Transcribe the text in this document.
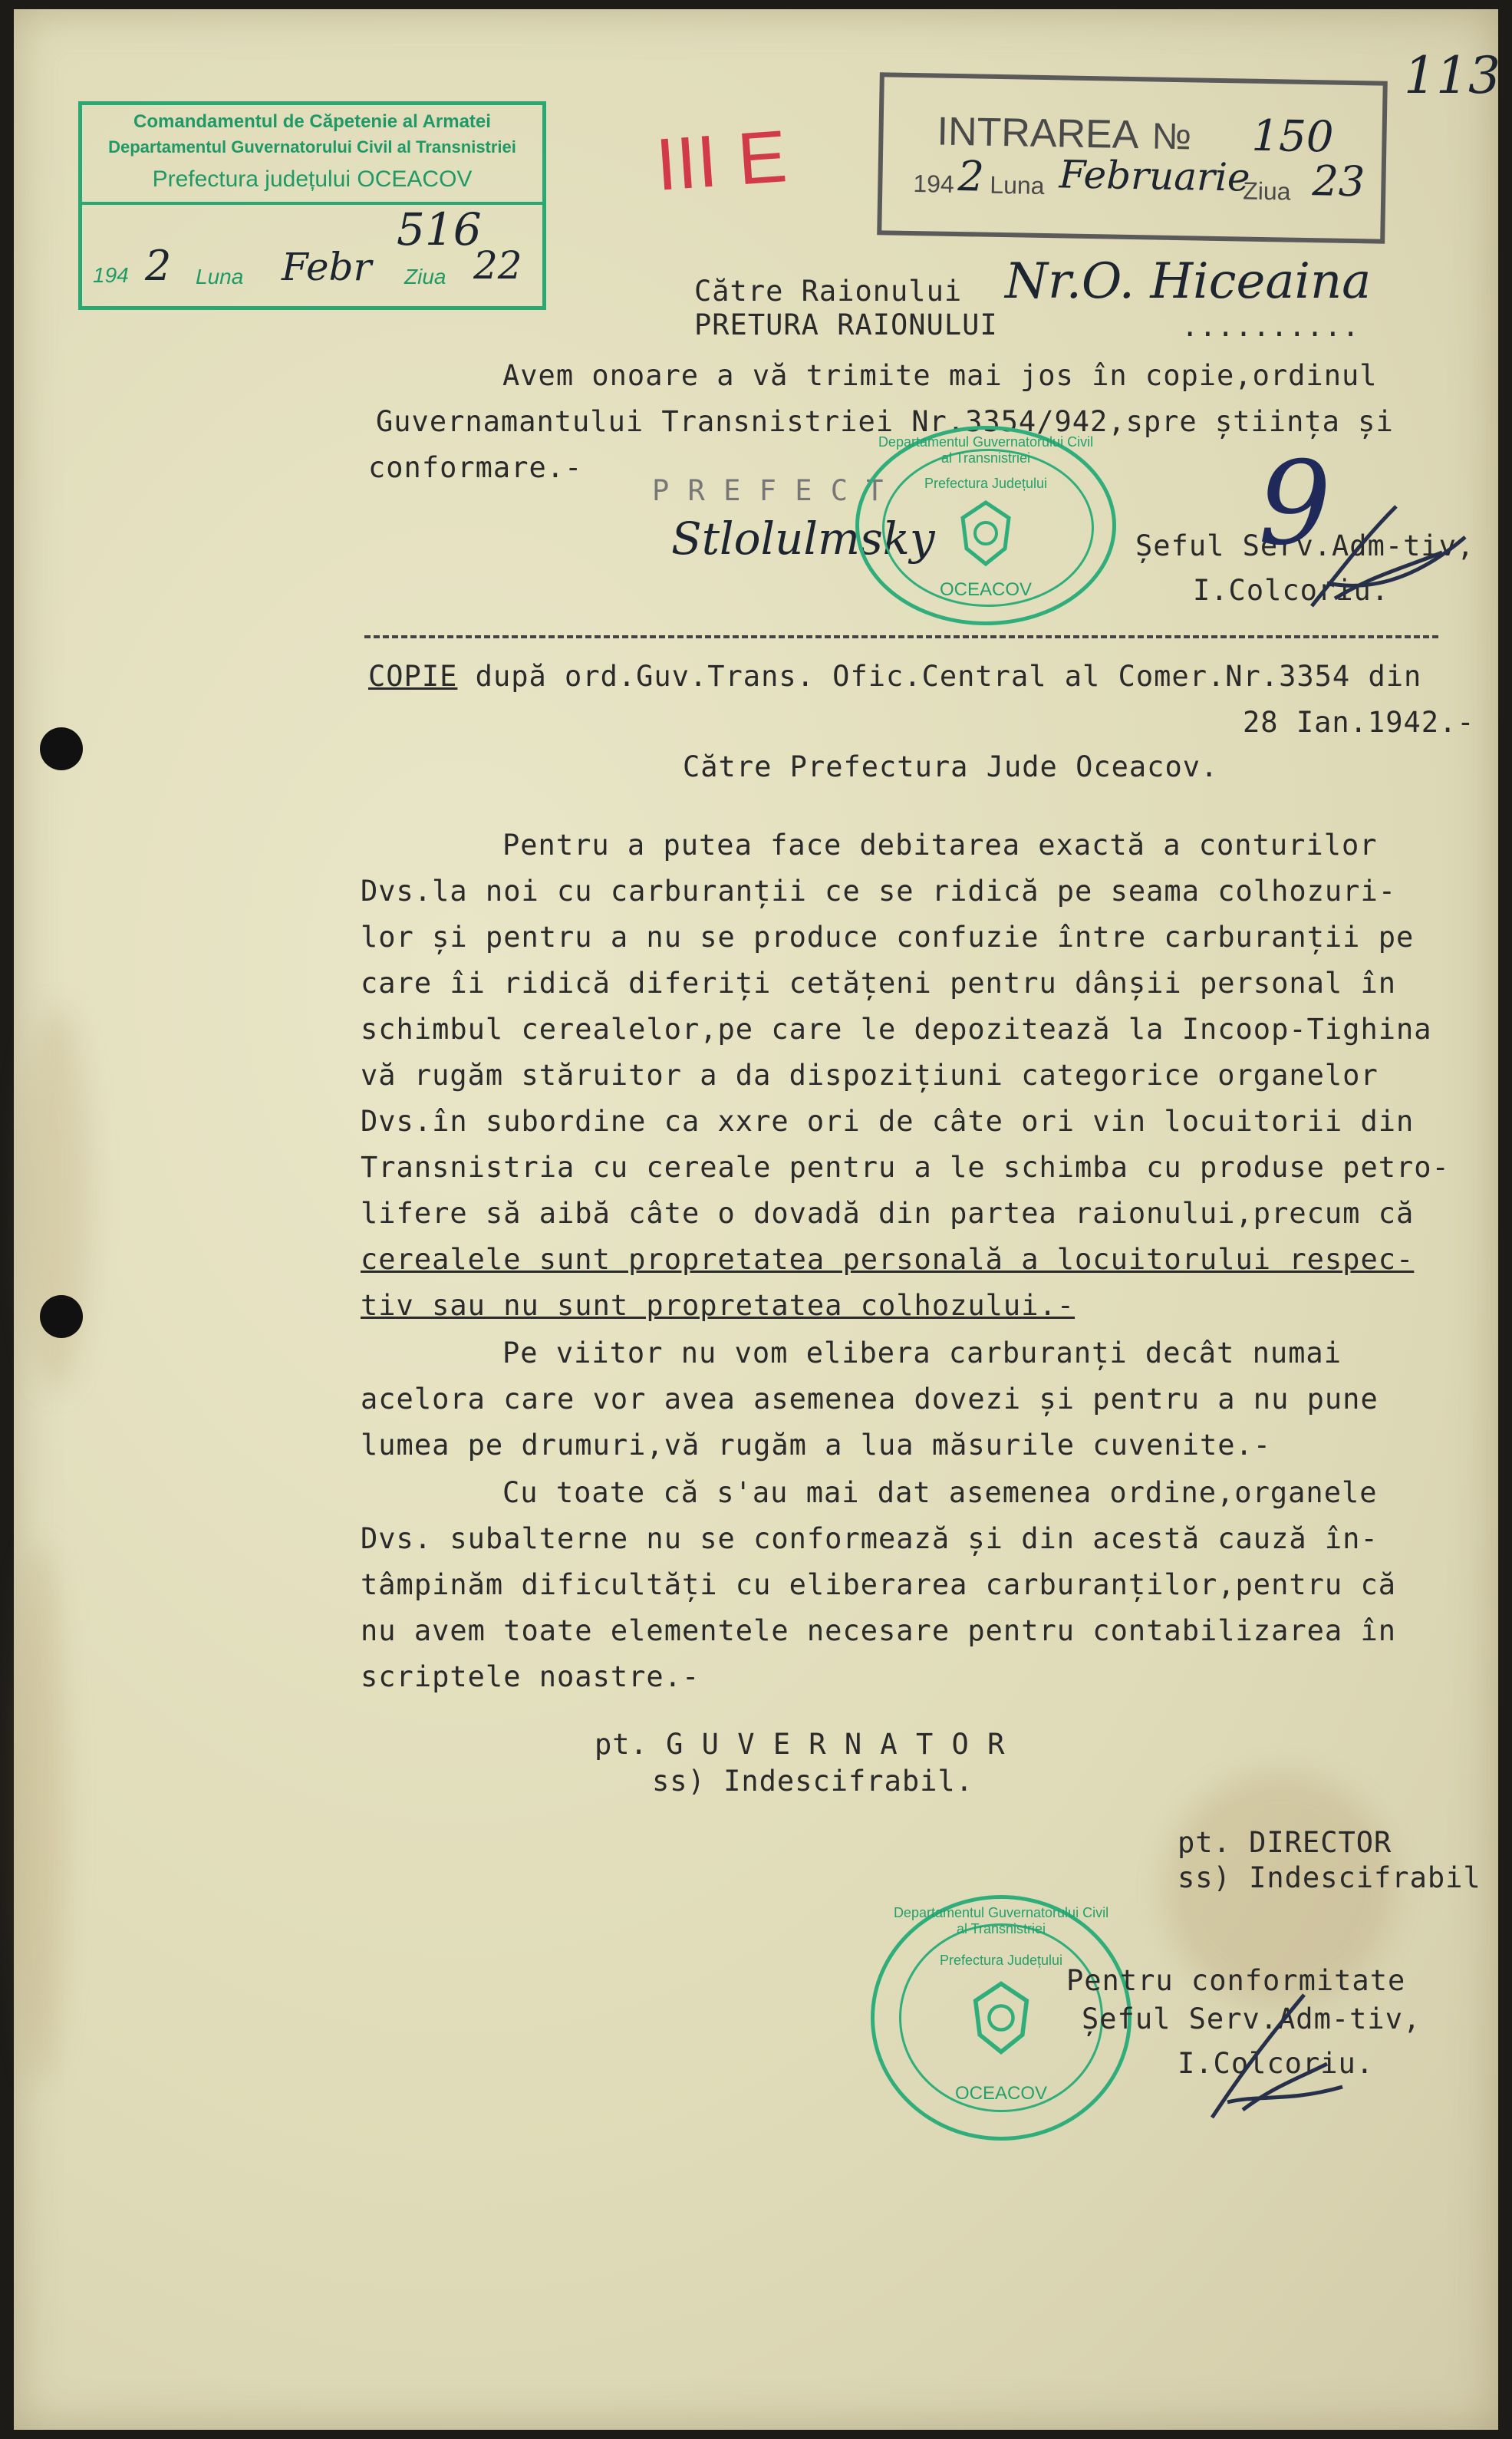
113
Comandamentul de Căpetenie al Armatei
Departamentul Guvernatorului Civil al Transnistriei
Prefectura județului OCEACOV
516
194 2 Luna Febr Ziua 22
III E	INTRAREA № 150
194 2 Luna Februarie
Ziua 23
Către Raionului Nr.O. Hiceaina
PRETURA RAIONULUI	..........
Avem onoare a vă trimite mai jos în copie,ordinul
Guvernamantului Transnistriei Nr.3354/942,spre știința și
conformare.-
P R E F E C T
Stlolulmsky	Șeful Serv.Adm-tiv,
I.Colcoriu.
9
Departamentul Guvernatorului Civil al Transnistriei
Prefectura Județului
OCEACOV
COPIE după ord.Guv.Trans. Ofic.Central al Comer.Nr.3354 din
28 Ian.1942.-
Către Prefectura Jude Oceacov.
Pentru a putea face debitarea exactă a conturilor
Dvs.la noi cu carburanții ce se ridică pe seama colhozuri-
lor și pentru a nu se produce confuzie între carburanții pe
care îi ridică diferiți cetățeni pentru dânșii personal în
schimbul cerealelor,pe care le depozitează la Incoop-Tighina
vă rugăm stăruitor a da dispozițiuni categorice organelor
Dvs.în subordine ca xxre ori de câte ori vin locuitorii din
Transnistria cu cereale pentru a le schimba cu produse petro-
lifere să aibă câte o dovadă din partea raionului,precum că
cerealele sunt propretatea personală a locuitorului respec-
tiv sau nu sunt propretatea colhozului.-
Pe viitor nu vom elibera carburanți decât numai
acelora care vor avea asemenea dovezi și pentru a nu pune
lumea pe drumuri,vă rugăm a lua măsurile cuvenite.-
Cu toate că s'au mai dat asemenea ordine,organele
Dvs. subalterne nu se conformează și din acestă cauză în-
tâmpinăm dificultăți cu eliberarea carburanților,pentru că
nu avem toate elementele necesare pentru contabilizarea în
scriptele noastre.-
pt. G U V E R N A T O R
ss) Indescifrabil.
pt. DIRECTOR
ss) Indescifrabil
Departamentul Guvernatorului Civil al Transnistriei
Prefectura Județului
OCEACOV
Pentru conformitate
Șeful Serv.Adm-tiv,
I.Colcoriu.
